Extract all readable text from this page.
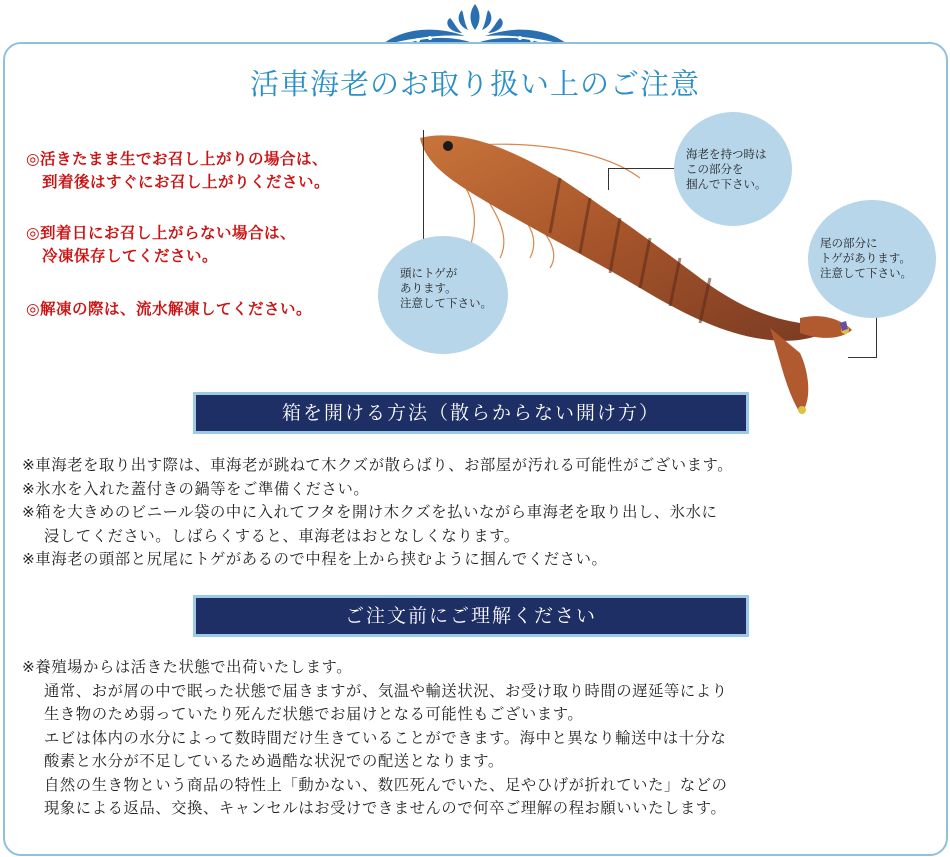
活車海老のお取り扱い上のご注意
◎活きたまま生でお召し上がりの場合は、
到着後はすぐにお召し上がりください。
◎到着日にお召し上がらない場合は、
冷凍保存してください。
◎解凍の際は、流水解凍してください。
頭にトゲが
あります。
注意して下さい。
海老を持つ時は
この部分を
掴んで下さい。
尾の部分に
トゲがあります。
注意して下さい。
箱を開ける方法（散らからない開け方）
※車海老を取り出す際は、車海老が跳ねて木クズが散らばり、お部屋が汚れる可能性がございます。
※氷水を入れた蓋付きの鍋等をご準備ください。
※箱を大きめのビニール袋の中に入れてフタを開け木クズを払いながら車海老を取り出し、氷水に
浸してください。しばらくすると、車海老はおとなしくなります。
※車海老の頭部と尻尾にトゲがあるので中程を上から挟むように掴んでください。
ご注文前にご理解ください
※養殖場からは活きた状態で出荷いたします。
通常、おが屑の中で眠った状態で届きますが、気温や輸送状況、お受け取り時間の遅延等により
生き物のため弱っていたり死んだ状態でお届けとなる可能性もございます。
エビは体内の水分によって数時間だけ生きていることができます。海中と異なり輸送中は十分な
酸素と水分が不足しているため過酷な状況での配送となります。
自然の生き物という商品の特性上「動かない、数匹死んでいた、足やひげが折れていた」などの
現象による返品、交換、キャンセルはお受けできませんので何卒ご理解の程お願いいたします。
